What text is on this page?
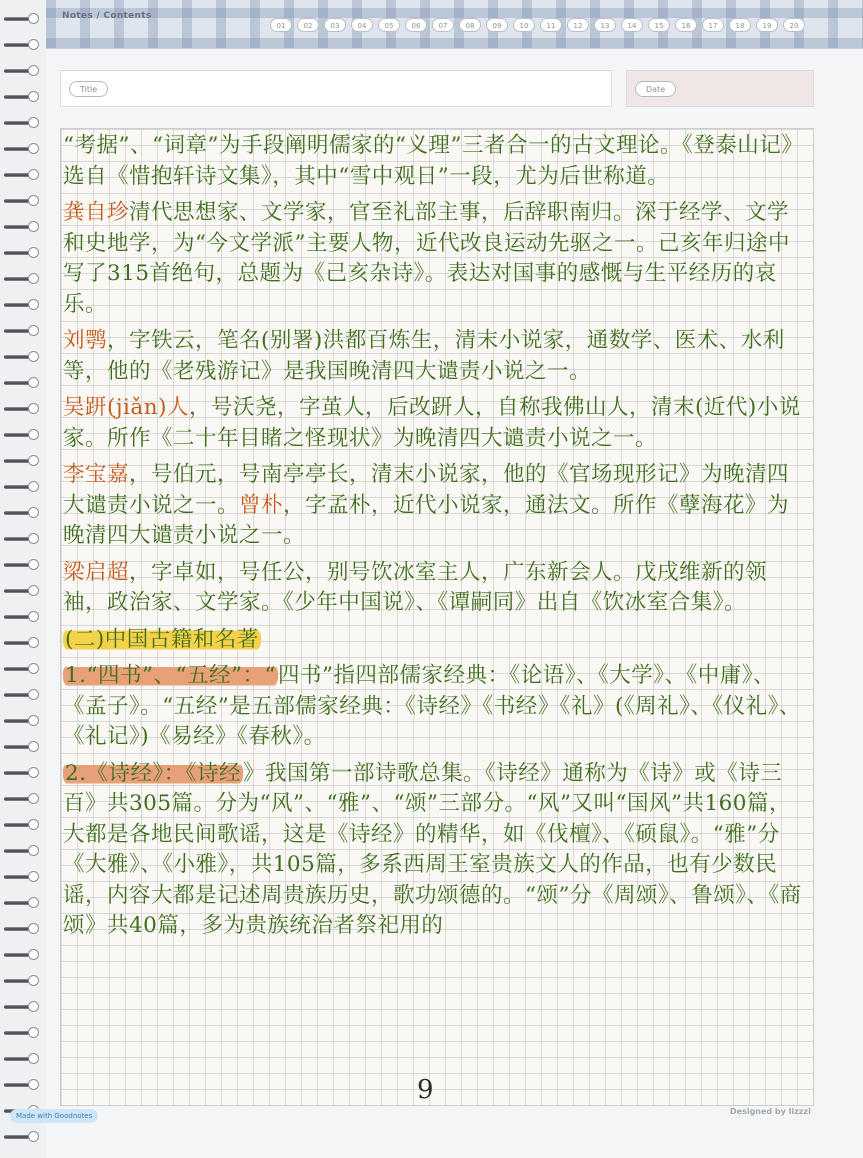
Notes / Contents
01	02	03	04	05	06	07	08	09	10	11	12	13	14	15	16	17	18	19	20
Title	Date

“考据”、“词章”为手段阐明儒家的“义理”三者合一的古文理论。《登泰山记》选自《惜抱轩诗文集》，其中“雪中观日”一段，尤为后世称道。

龚自珍清代思想家、文学家，官至礼部主事，后辞职南归。深于经学、文学和史地学，为“今文学派”主要人物，近代改良运动先驱之一。己亥年归途中写了315首绝句，总题为《己亥杂诗》。表达对国事的感慨与生平经历的哀乐。

刘鹗，字铁云，笔名(别署)洪都百炼生，清末小说家，通数学、医术、水利等，他的《老残游记》是我国晚清四大谴责小说之一。

吴趼(jiǎn)人，号沃尧，字茧人，后改趼人，自称我佛山人，清末(近代)小说家。所作《二十年目睹之怪现状》为晚清四大谴责小说之一。

李宝嘉，号伯元，号南亭亭长，清末小说家，他的《官场现形记》为晚清四大谴责小说之一。曾朴，字孟朴，近代小说家，通法文。所作《孽海花》为晚清四大谴责小说之一。

梁启超，字卓如，号任公，别号饮冰室主人，广东新会人。戊戌维新的领袖，政治家、文学家。《少年中国说》、《谭嗣同》出自《饮冰室合集》。

(二)中国古籍和名著

1.“四书”、“五经”：“四书”指四部儒家经典：《论语》、《大学》、《中庸》、《孟子》。“五经”是五部儒家经典：《诗经》《书经》《礼》(《周礼》、《仪礼》、《礼记》)《易经》《春秋》。

2.《诗经》：《诗经》我国第一部诗歌总集。《诗经》通称为《诗》或《诗三百》共305篇。分为“风”、“雅”、“颂”三部分。“风”又叫“国风”共160篇，大都是各地民间歌谣，这是《诗经》的精华，如《伐檀》、《硕鼠》。“雅”分《大雅》、《小雅》，共105篇，多系西周王室贵族文人的作品，也有少数民谣，内容大都是记述周贵族历史，歌功颂德的。“颂”分《周颂》、鲁颂》、《商颂》共40篇，多为贵族统治者祭祀用的

9
Made with Goodnotes	Designed by lizzzi
